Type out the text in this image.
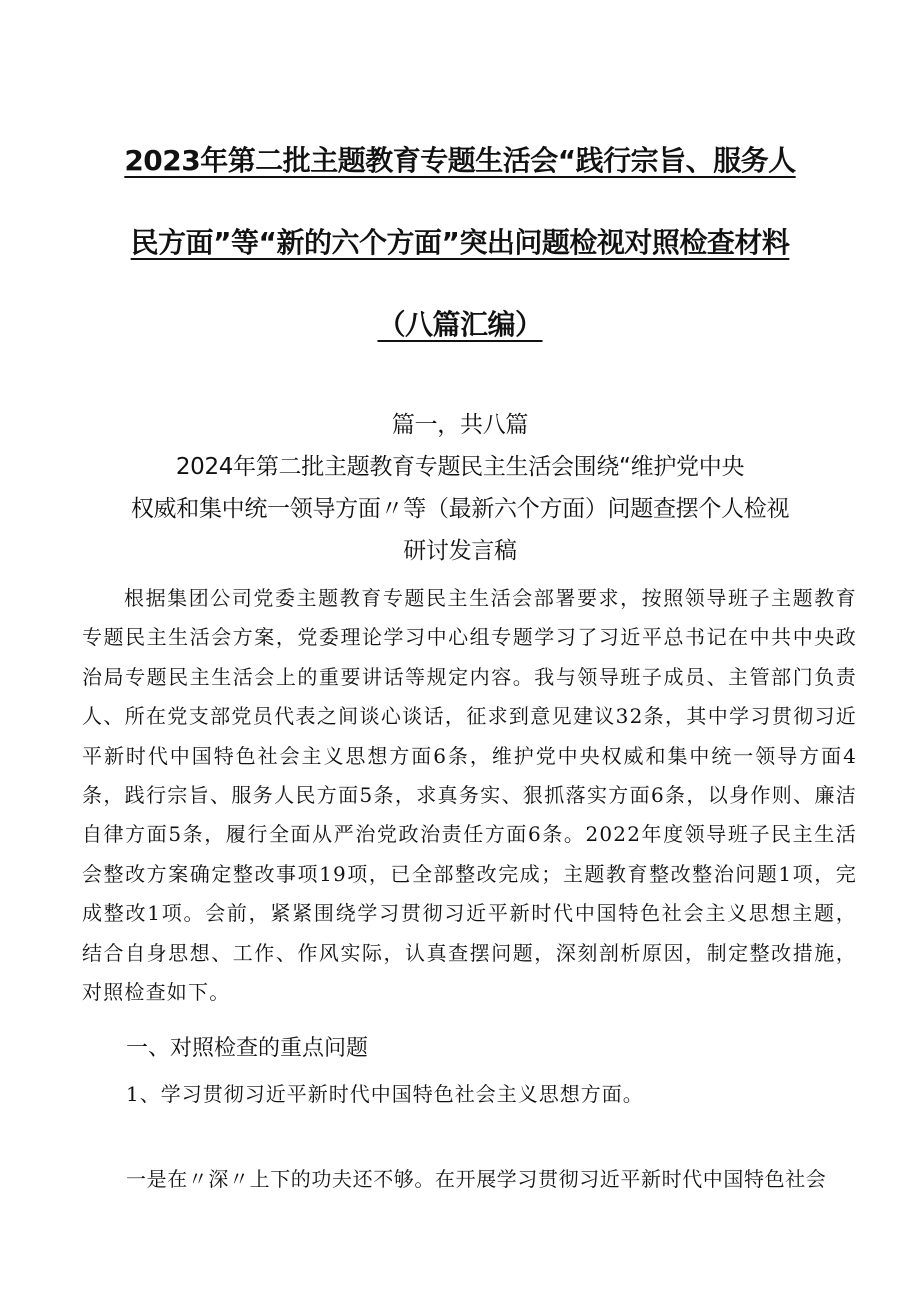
2023年第二批主题教育专题生活会“践行宗旨、服务人
民方面”等“新的六个方面”突出问题检视对照检查材料
（八篇汇编）
篇一，共八篇
2024年第二批主题教育专题民主生活会围绕“维护党中央
权威和集中统一领导方面〃等（最新六个方面）问题查摆个人检视
研讨发言稿

根据集团公司党委主题教育专题民主生活会部署要求，按照领导班子主题教育专题民主生活会方案，党委理论学习中心组专题学习了习近平总书记在中共中央政治局专题民主生活会上的重要讲话等规定内容。我与领导班子成员、主管部门负责人、所在党支部党员代表之间谈心谈话，征求到意见建议32条，其中学习贯彻习近平新时代中国特色社会主义思想方面6条，维护党中央权威和集中统一领导方面4条，践行宗旨、服务人民方面5条，求真务实、狠抓落实方面6条，以身作则、廉洁自律方面5条，履行全面从严治党政治责任方面6条。2022年度领导班子民主生活会整改方案确定整改事项19项，已全部整改完成；主题教育整改整治问题1项，完成整改1项。会前，紧紧围绕学习贯彻习近平新时代中国特色社会主义思想主题，结合自身思想、工作、作风实际，认真查摆问题，深刻剖析原因，制定整改措施，对照检查如下。

一、对照检查的重点问题
1、学习贯彻习近平新时代中国特色社会主义思想方面。
一是在〃深〃上下的功夫还不够。在开展学习贯彻习近平新时代中国特色社会
